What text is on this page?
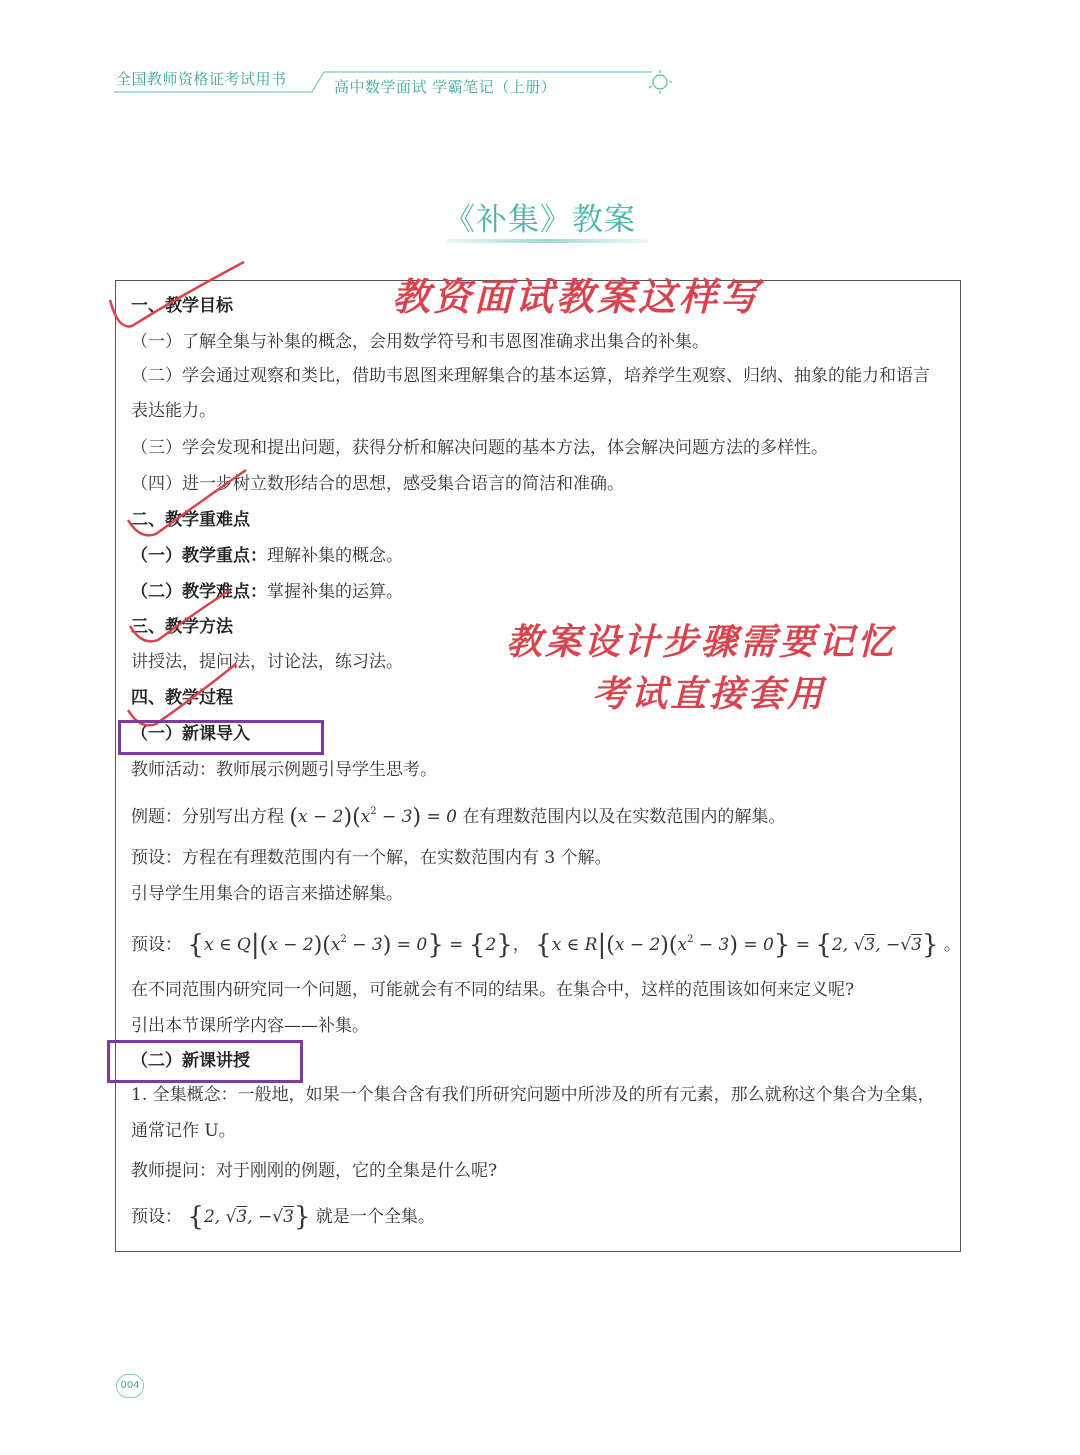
全国教师资格证考试用书	高中数学面试 学霸笔记（上册）
《补集》教案
一、教学目标
（一）了解全集与补集的概念，会用数学符号和韦恩图准确求出集合的补集。
（二）学会通过观察和类比，借助韦恩图来理解集合的基本运算，培养学生观察、归纳、抽象的能力和语言表达能力。
（三）学会发现和提出问题，获得分析和解决问题的基本方法，体会解决问题方法的多样性。
（四）进一步树立数形结合的思想，感受集合语言的简洁和准确。
二、教学重难点
（一）教学重点：理解补集的概念。
（二）教学难点：掌握补集的运算。
三、教学方法
讲授法，提问法，讨论法，练习法。
四、教学过程
（一）新课导入
教师活动：教师展示例题引导学生思考。
例题：分别写出方程 $(x - 2)(x^2 - 3) = 0$ 在有理数范围内以及在实数范围内的解集。
预设：方程在有理数范围内有一个解，在实数范围内有 3 个解。
引导学生用集合的语言来描述解集。
预设： {x ∈ $Q|(x - 2)(x^2 - 3) = 0\} = \{2\}$， {x ∈ $R|(x - 2)(x^2 - 3) = 0\} = \{2$, √3, −√3} 。
在不同范围内研究同一个问题，可能就会有不同的结果。在集合中，这样的范围该如何来定义呢?
引出本节课所学内容——补集。
（二）新课讲授
1. 全集概念：一般地，如果一个集合含有我们所研究问题中所涉及的所有元素，那么就称这个集合为全集，通常记作 U。
教师提问：对于刚刚的例题，它的全集是什么呢?
预设： {2, √3, −√3} 就是一个全集。
教资面试教案这样写
教案设计步骤需要记忆
考试直接套用
004
